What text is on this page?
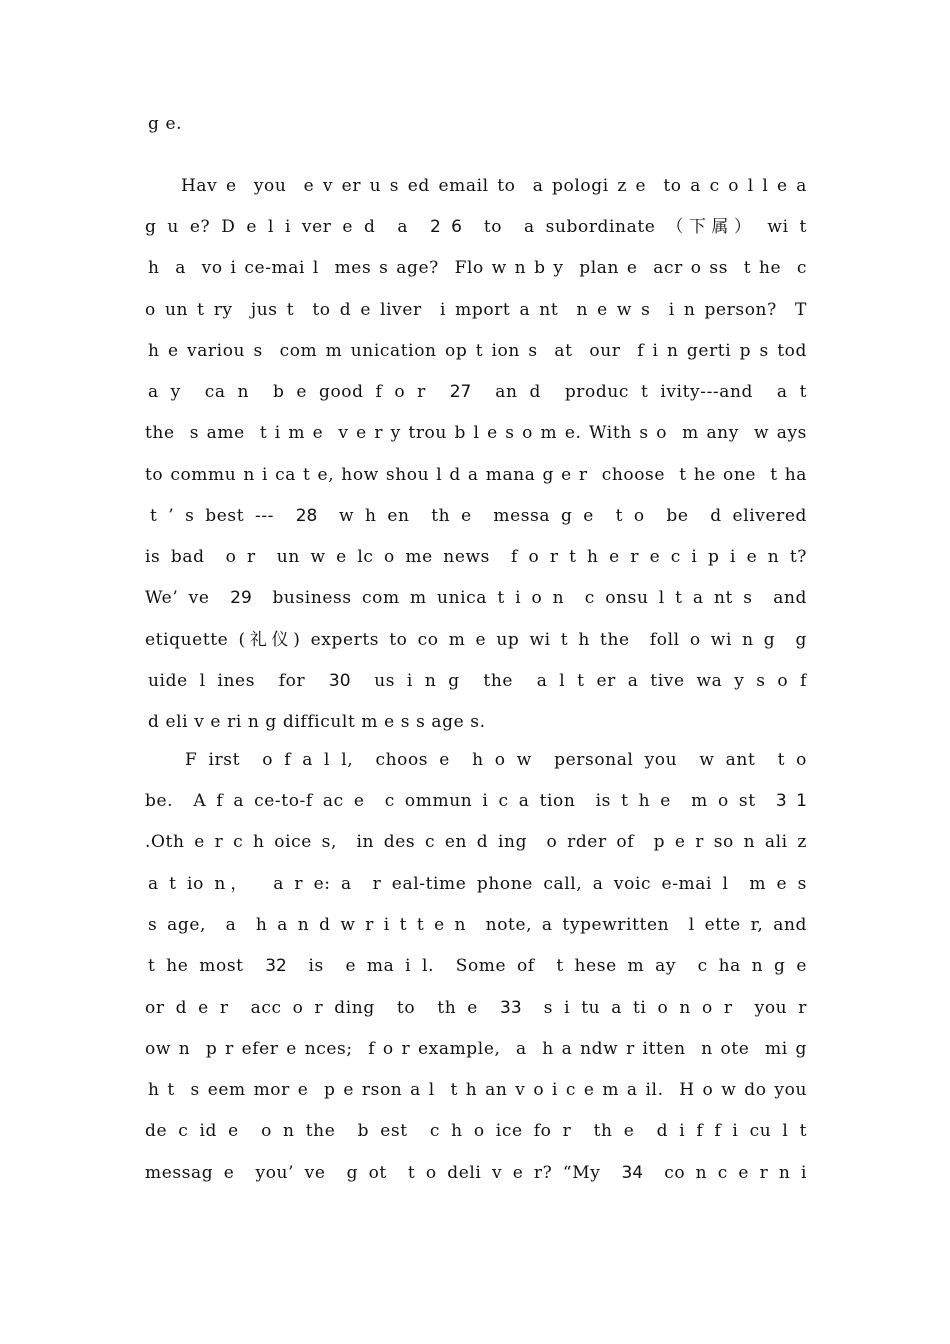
g e.
Hav e  you  e v er u s ed email to  a pologi z e  to a c o l l e a
g u e? D e l i ver e d  a  2 6  to  a subordinate （下属） wi t
h  a  vo i ce-mai l  mes s age?  Flo w n b y  plan e  acr o ss  t he  c
o un t ry  jus t  to d e liver  i mport a nt  n e w s  i n person?  T
h e variou s  com m unication op t ion s  at  our  f i n gerti p s tod
a y  ca n  b e good f o r  27  an d  produc t ivity---and  a t
the  s ame  t i m e  v e r y trou b l e s o m e. With s o  m any  w ays
to commu n i ca t e, how shou l d a mana g e r  choose  t he one  t ha
t ’ s best ---  28  w h en  th e  messa g e  t o  be  d elivered
is bad  o r  un w e lc o me news  f o r t h e r e c i p i e n t?
We’ ve  29  business com m unica t i o n  c onsu l t a nt s  and
etiquette (礼仪) experts to co m e up wi t h the  foll o wi n g  g
uide l ines  for  30  us i n g  the  a l t er a tive wa y s o f
d eli v e ri n g difficult m e s s age s.
F irst  o f a l l,  choos e  h o w  personal you  w ant  t o
be.  A f a ce-to-f ac e  c ommun i c a tion  is t h e  m o st  3 1
.Oth e r c h oice s,  in des c en d ing  o rder of  p e r so n ali z
a t io n，  a r e: a  r eal-time phone call, a voic e-mai l  m e s
s age,  a  h a n d w r i t t e n  note, a typewritten  l ette r, and
t he most  32  is  e ma i l.  Some of  t hese m ay  c ha n g e
or d e r  acc o r ding  to  th e  33  s i tu a ti o n o r  you r
ow n  p r efer e nces;  f o r example,  a  h a ndw r itten  n ote  mi g
h t  s eem mor e  p e rson a l  t h an v o i c e m a il.  H o w do you
de c id e  o n the  b est  c h o ice fo r  th e  d i f f i cu l t
messag e  you’ ve  g ot  t o deli v e r? “My  34  co n c e r n i
